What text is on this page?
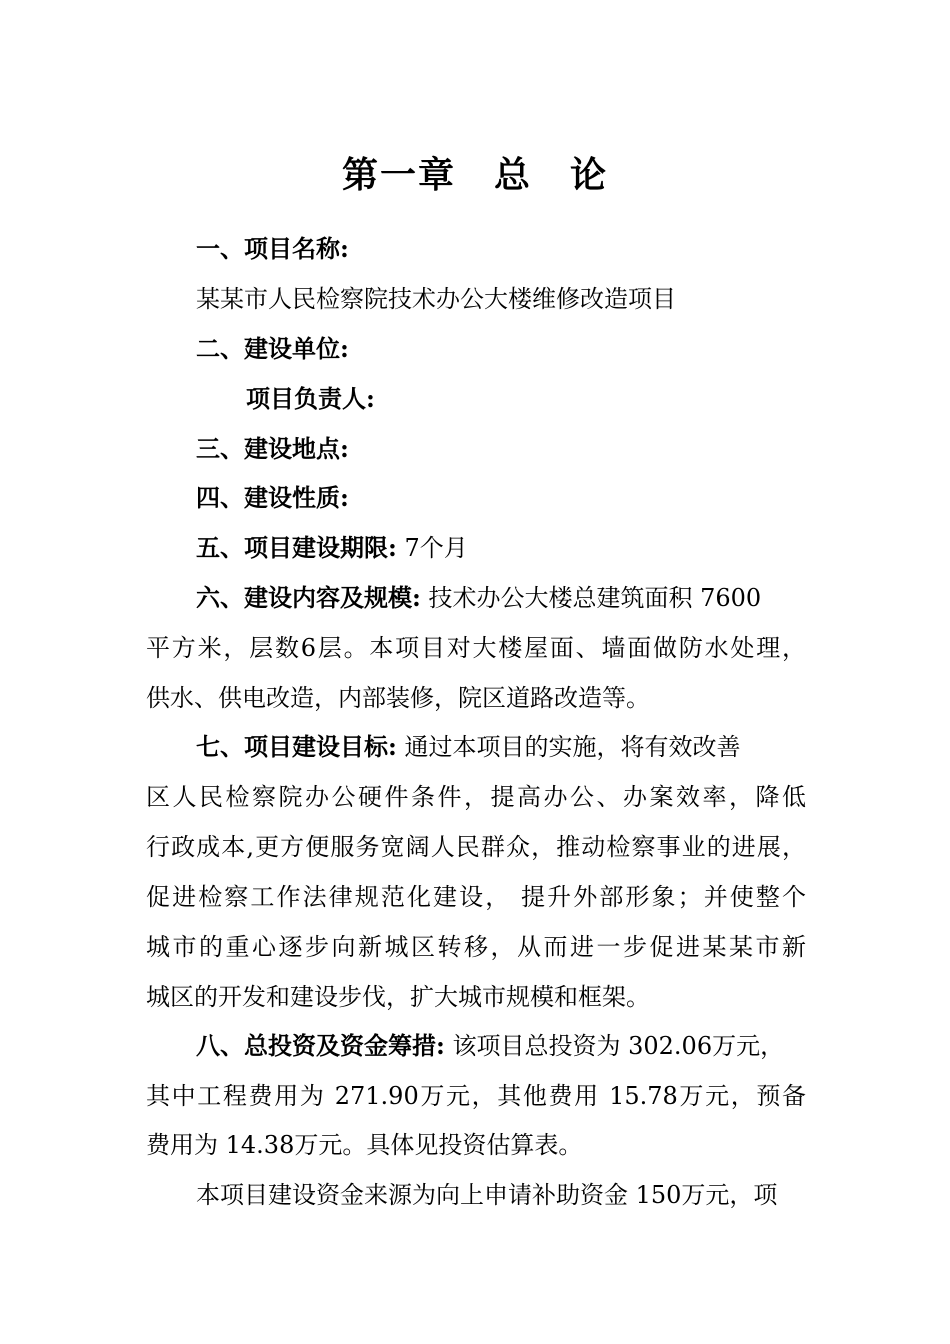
第一章　总　论
一、项目名称:
某某市人民检察院技术办公大楼维修改造项目
二、建设单位:
项目负责人:
三、建设地点:
四、建设性质:
五、项目建设期限: 7个月
六、建设内容及规模: 技术办公大楼总建筑面积 7600
平方米，层数6层。本项目对大楼屋面、墙面做防水处理，
供水、供电改造，内部装修，院区道路改造等。
七、项目建设目标: 通过本项目的实施，将有效改善
区人民检察院办公硬件条件，提高办公、办案效率，降低
行政成本,更方便服务宽阔人民群众，推动检察事业的进展，
促进检察工作法律规范化建设， 提升外部形象；并使整个
城市的重心逐步向新城区转移，从而进一步促进某某市新
城区的开发和建设步伐，扩大城市规模和框架。
八、总投资及资金筹措: 该项目总投资为 302.06万元，
其中工程费用为 271.90万元，其他费用 15.78万元，预备
费用为 14.38万元。具体见投资估算表。
本项目建设资金来源为向上申请补助资金 150万元，项
